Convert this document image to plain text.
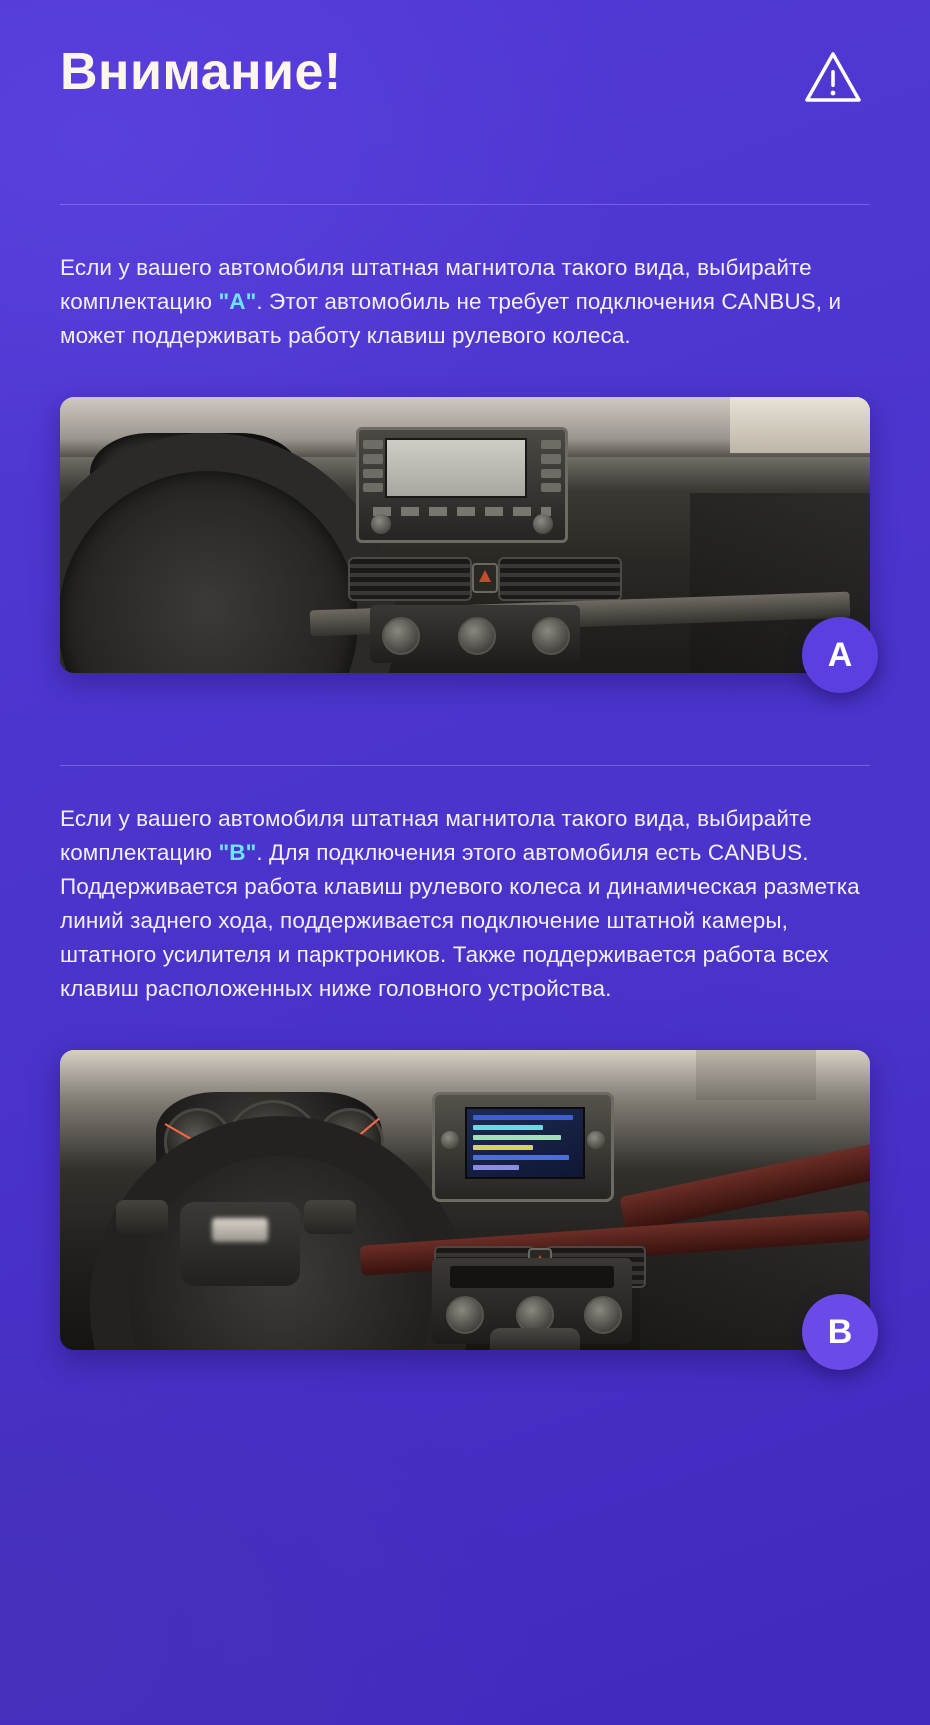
Внимание!

Если у вашего автомобиля штатная магнитола такого вида, выбирайте комплектацию "A". Этот автомобиль не требует подключения CANBUS, и может поддерживать работу клавиш рулевого колеса.

A

Если у вашего автомобиля штатная магнитола такого вида, выбирайте комплектацию "B". Для подключения этого автомобиля есть CANBUS. Поддерживается работа клавиш рулевого колеса и динамическая разметка линий заднего хода, поддерживается подключение штатной камеры, штатного усилителя и парктроников. Также поддерживается работа всех клавиш расположенных ниже головного устройства.

B
